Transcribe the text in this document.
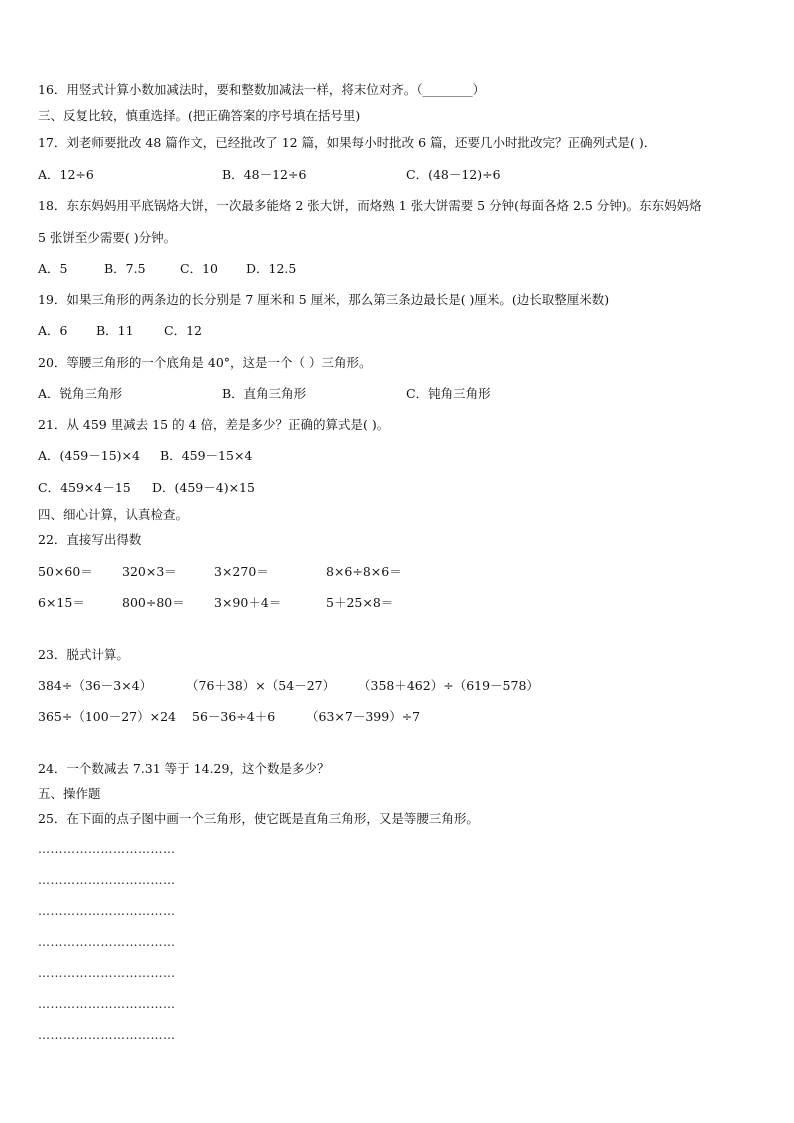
16．用竖式计算小数加减法时，要和整数加减法一样，将末位对齐。（________）
三、反复比较，慎重选择。(把正确答案的序号填在括号里)
17．刘老师要批改 48 篇作文，已经批改了 12 篇，如果每小时批改 6 篇，还要几小时批改完？正确列式是( )．
A．12÷6	B．48－12÷6	C．(48－12)÷6
18．东东妈妈用平底锅烙大饼，一次最多能烙 2 张大饼，而烙熟 1 张大饼需要 5 分钟(每面各烙 2.5 分钟)。东东妈妈烙
5 张饼至少需要( )分钟。
A．5	B．7.5	C．10 D．12.5
19．如果三角形的两条边的长分别是 7 厘米和 5 厘米，那么第三条边最长是( )厘米。(边长取整厘米数)
A．6 B．11 C．12
20．等腰三角形的一个底角是 40°，这是一个（ ）三角形。
A．锐角三角形	B．直角三角形	C．钝角三角形
21．从 459 里减去 15 的 4 倍，差是多少？正确的算式是( )。
A．(459－15)×4 B．459－15×4
C．459×4－15 D．(459－4)×15
四、细心计算，认真检查。
22．直接写出得数
50×60＝ 320×3＝	3×270＝	8×6÷8×6＝
6×15＝	800÷80＝ 3×90＋4＝	5＋25×8＝
23．脱式计算。
384÷（36－3×4）	（76＋38）×（54－27） （358＋462）÷（619－578）
365÷（100－27）×24 56－36÷4＋6 （63×7－399）÷7
24．一个数减去 7.31 等于 14.29，这个数是多少？
五、操作题
25．在下面的点子图中画一个三角形，使它既是直角三角形，又是等腰三角形。
……………………………
……………………………
……………………………
……………………………
……………………………
……………………………
……………………………
